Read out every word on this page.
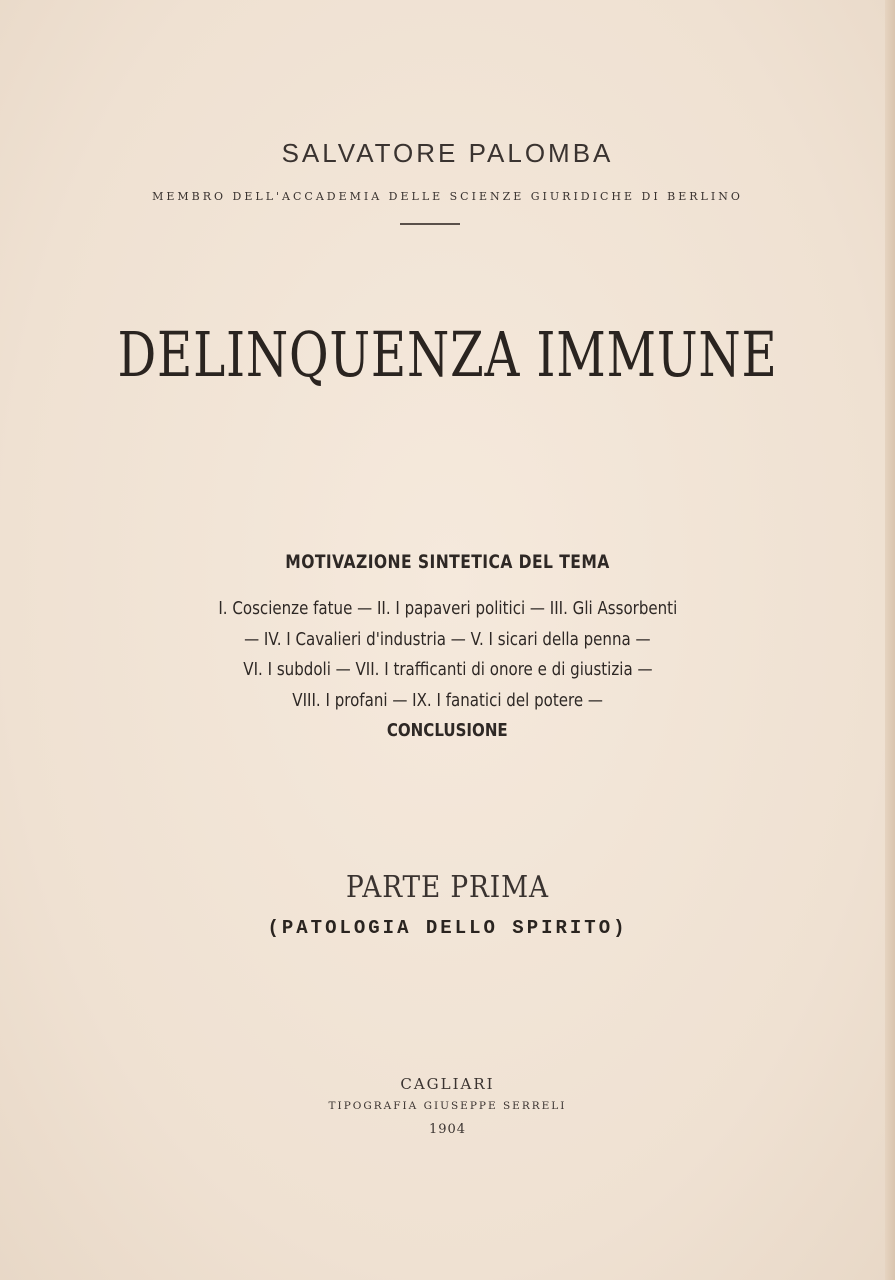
SALVATORE PALOMBA
MEMBRO DELL'ACCADEMIA DELLE SCIENZE GIURIDICHE DI BERLINO
DELINQUENZA IMMUNE
MOTIVAZIONE SINTETICA DEL TEMA
I. Coscienze fatue — II. I papaveri politici — III. Gli Assorbenti
— IV. I Cavalieri d'industria — V. I sicari della penna —
VI. I subdoli — VII. I trafficanti di onore e di giustizia —
VIII. I profani — IX. I fanatici del potere —
CONCLUSIONE
PARTE PRIMA
(PATOLOGIA DELLO SPIRITO)
CAGLIARI
TIPOGRAFIA GIUSEPPE SERRELI
1904
